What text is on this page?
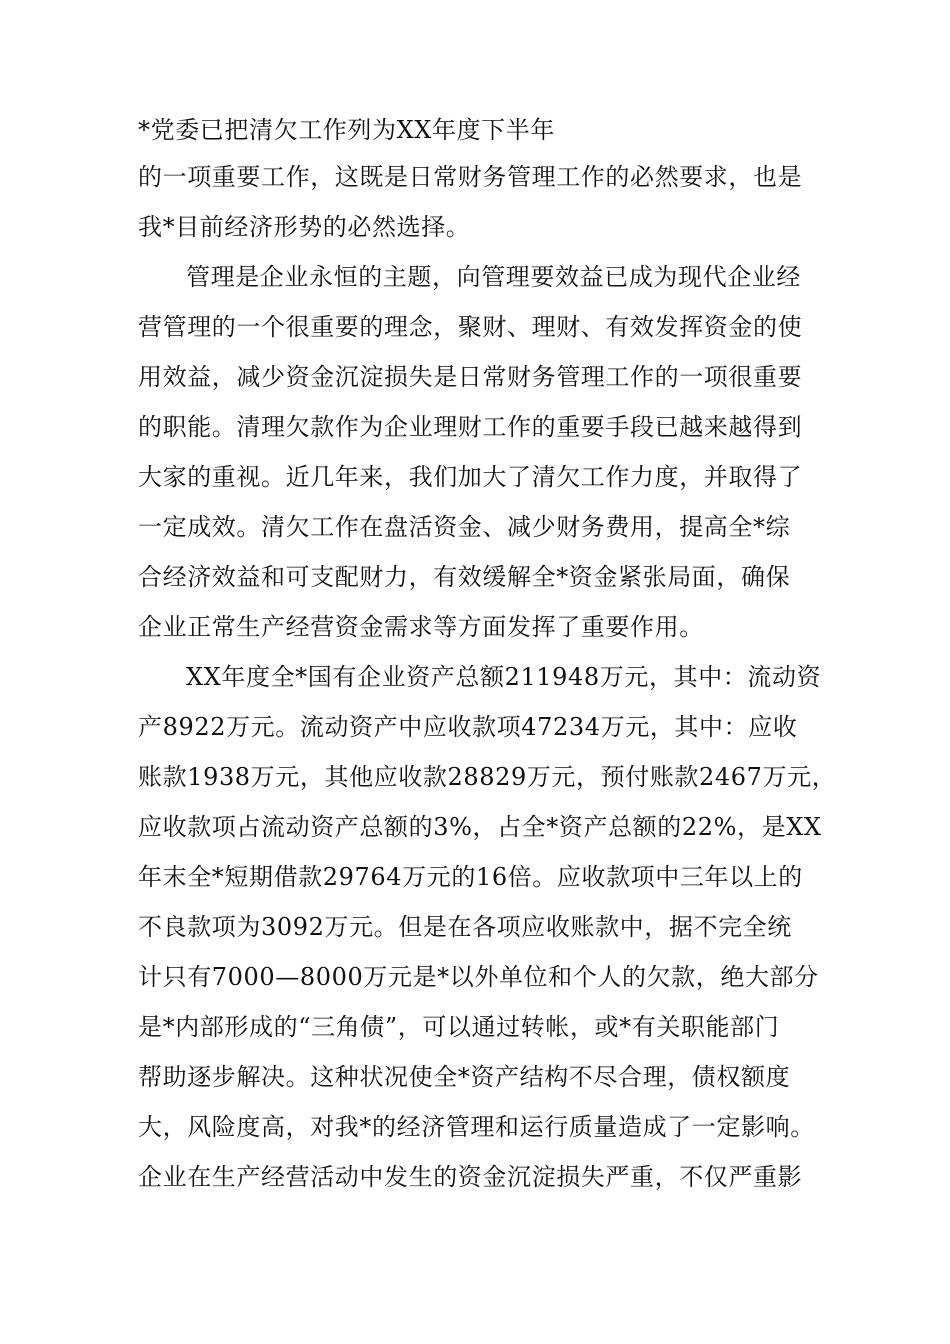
*党委已把清欠工作列为XX年度下半年
的一项重要工作，这既是日常财务管理工作的必然要求，也是
我*目前经济形势的必然选择。
管理是企业永恒的主题，向管理要效益已成为现代企业经
营管理的一个很重要的理念，聚财、理财、有效发挥资金的使
用效益，减少资金沉淀损失是日常财务管理工作的一项很重要
的职能。清理欠款作为企业理财工作的重要手段已越来越得到
大家的重视。近几年来，我们加大了清欠工作力度，并取得了
一定成效。清欠工作在盘活资金、减少财务费用，提高全*综
合经济效益和可支配财力，有效缓解全*资金紧张局面，确保
企业正常生产经营资金需求等方面发挥了重要作用。
XX年度全*国有企业资产总额211948万元，其中：流动资
产8922万元。流动资产中应收款项47234万元，其中：应收
账款1938万元，其他应收款28829万元，预付账款2467万元，
应收款项占流动资产总额的3%，占全*资产总额的22%，是XX
年末全*短期借款29764万元的16倍。应收款项中三年以上的
不良款项为3092万元。但是在各项应收账款中，据不完全统
计只有7000—8000万元是*以外单位和个人的欠款，绝大部分
是*内部形成的“三角债”，可以通过转帐，或*有关职能部门
帮助逐步解决。这种状况使全*资产结构不尽合理，债权额度
大，风险度高，对我*的经济管理和运行质量造成了一定影响。
企业在生产经营活动中发生的资金沉淀损失严重，不仅严重影
